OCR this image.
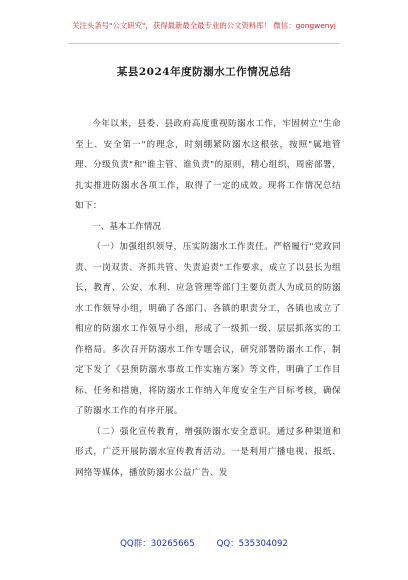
关注头条号"公文研究"，获得最新最全最专业的公文资料库！ 微信：gongwenyj
某县2024年度防溺水工作情况总结

今年以来，县委、县政府高度重视防溺水工作，牢固树立"生命至上、安全第一"的理念，时刻绷紧防溺水这根弦，按照"属地管理、分级负责"和"谁主管、谁负责"的原则，精心组织，周密部署，扎实推进防溺水各项工作，取得了一定的成效。现将工作情况总结如下：

一、基本工作情况

（一）加强组织领导，压实防溺水工作责任。严格履行"党政同责、一岗双责、齐抓共管、失责追责"工作要求，成立了以县长为组长，教育、公安、水利、应急管理等部门主要负责人为成员的防溺水工作领导小组，明确了各部门、各镇的职责分工，各镇也成立了相应的防溺水工作领导小组，形成了一级抓一级、层层抓落实的工作格局。多次召开防溺水工作专题会议，研究部署防溺水工作，制定下发了《县预防溺水事故工作实施方案》等文件，明确了工作目标、任务和措施，将防溺水工作纳入年度安全生产目标考核，确保了防溺水工作的有序开展。

（二）强化宣传教育，增强防溺水安全意识。通过多种渠道和形式，广泛开展防溺水宣传教育活动。一是利用广播电视、报纸、网络等媒体，播放防溺水公益广告、发

QQ群：30265665	QQ：535304092
